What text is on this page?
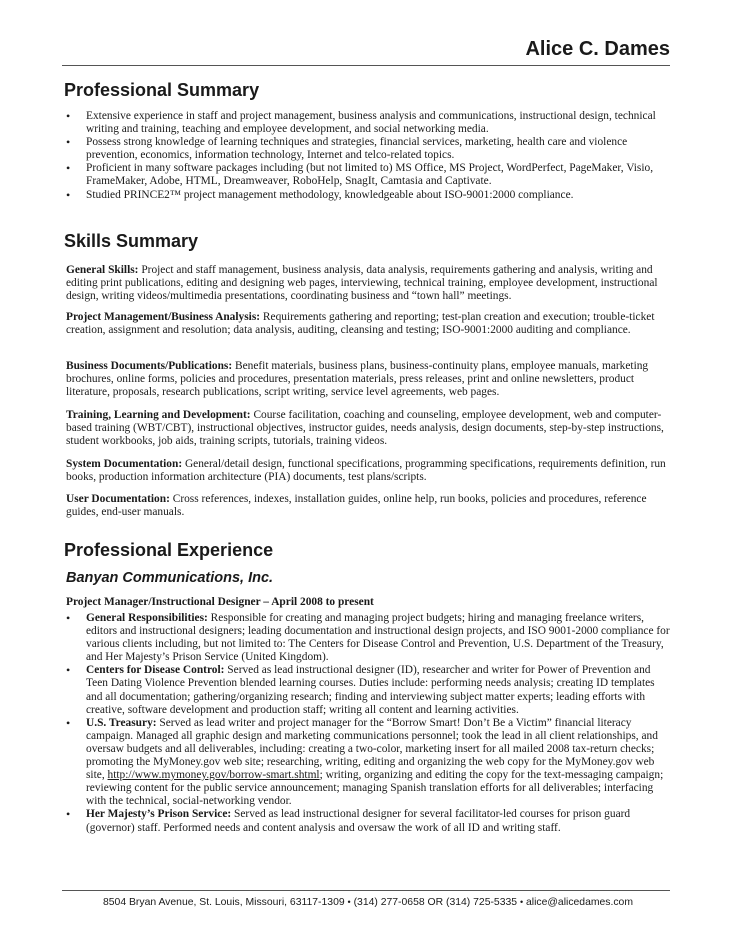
Alice C. Dames
Professional Summary
• Extensive experience in staff and project management, business analysis and communications, instructional design, technical writing and training, teaching and employee development, and social networking media.
• Possess strong knowledge of learning techniques and strategies, financial services, marketing, health care and violence prevention, economics, information technology, Internet and telco-related topics.
• Proficient in many software packages including (but not limited to) MS Office, MS Project, WordPerfect, PageMaker, Visio, FrameMaker, Adobe, HTML, Dreamweaver, RoboHelp, SnagIt, Camtasia and Captivate.
• Studied PRINCE2™ project management methodology, knowledgeable about ISO-9001:2000 compliance.
Skills Summary
General Skills: Project and staff management, business analysis, data analysis, requirements gathering and analysis, writing and editing print publications, editing and designing web pages, interviewing, technical training, employee development, instructional design, writing videos/multimedia presentations, coordinating business and “town hall” meetings.
Project Management/Business Analysis: Requirements gathering and reporting; test-plan creation and execution; trouble-ticket creation, assignment and resolution; data analysis, auditing, cleansing and testing; ISO-9001:2000 auditing and compliance.
Business Documents/Publications: Benefit materials, business plans, business-continuity plans, employee manuals, marketing brochures, online forms, policies and procedures, presentation materials, press releases, print and online newsletters, product literature, proposals, research publications, script writing, service level agreements, web pages.
Training, Learning and Development: Course facilitation, coaching and counseling, employee development, web and computer-based training (WBT/CBT), instructional objectives, instructor guides, needs analysis, design documents, step-by-step instructions, student workbooks, job aids, training scripts, tutorials, training videos.
System Documentation: General/detail design, functional specifications, programming specifications, requirements definition, run books, production information architecture (PIA) documents, test plans/scripts.
User Documentation: Cross references, indexes, installation guides, online help, run books, policies and procedures, reference guides, end-user manuals.
Professional Experience
Banyan Communications, Inc.
Project Manager/Instructional Designer – April 2008 to present
• General Responsibilities: Responsible for creating and managing project budgets; hiring and managing freelance writers, editors and instructional designers; leading documentation and instructional design projects, and ISO 9001-2000 compliance for various clients including, but not limited to: The Centers for Disease Control and Prevention, U.S. Department of the Treasury, and Her Majesty’s Prison Service (United Kingdom).
• Centers for Disease Control: Served as lead instructional designer (ID), researcher and writer for Power of Prevention and Teen Dating Violence Prevention blended learning courses. Duties include: performing needs analysis; creating ID templates and all documentation; gathering/organizing research; finding and interviewing subject matter experts; leading efforts with creative, software development and production staff; writing all content and learning activities.
• U.S. Treasury: Served as lead writer and project manager for the “Borrow Smart! Don’t Be a Victim” financial literacy campaign. Managed all graphic design and marketing communications personnel; took the lead in all client relationships, and oversaw budgets and all deliverables, including: creating a two-color, marketing insert for all mailed 2008 tax-return checks; promoting the MyMoney.gov web site; researching, writing, editing and organizing the web copy for the MyMoney.gov web site, http://www.mymoney.gov/borrow-smart.shtml; writing, organizing and editing the copy for the text-messaging campaign; reviewing content for the public service announcement; managing Spanish translation efforts for all deliverables; interfacing with the technical, social-networking vendor.
• Her Majesty’s Prison Service: Served as lead instructional designer for several facilitator-led courses for prison guard (governor) staff. Performed needs and content analysis and oversaw the work of all ID and writing staff.
8504 Bryan Avenue, St. Louis, Missouri, 63117-1309 • (314) 277-0658 OR (314) 725-5335 • alice@alicedames.com
